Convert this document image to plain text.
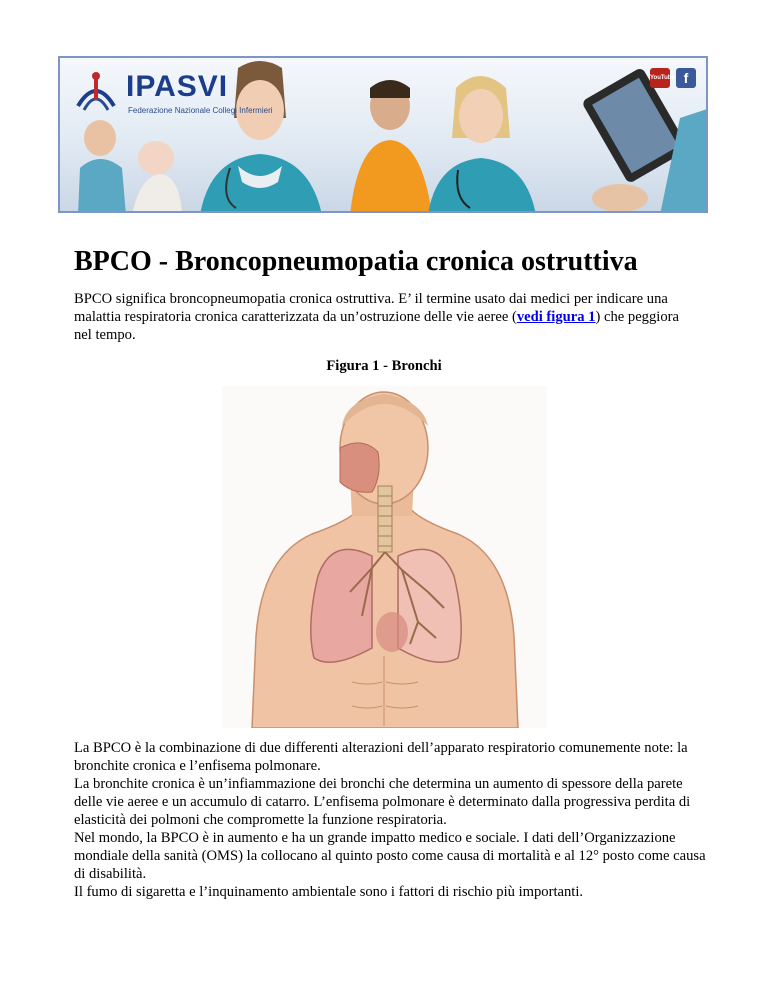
IPASVI
Federazione Nazionale Collegi Infermieri
YouTube f
BPCO - Broncopneumopatia cronica ostruttiva

BPCO significa broncopneumopatia cronica ostruttiva. E’ il termine usato dai medici per indicare una malattia respiratoria cronica caratterizzata da un’ostruzione delle vie aeree (vedi figura 1) che peggiora nel tempo.

Figura 1 - Bronchi
La BPCO è la combinazione di due differenti alterazioni dell’apparato respiratorio comunemente note: la bronchite cronica e l’enfisema polmonare.
La bronchite cronica è un’infiammazione dei bronchi che determina un aumento di spessore della parete delle vie aeree e un accumulo di catarro. L’enfisema polmonare è determinato dalla progressiva perdita di elasticità dei polmoni che compromette la funzione respiratoria.
Nel mondo, la BPCO è in aumento e ha un grande impatto medico e sociale. I dati dell’Organizzazione mondiale della sanità (OMS) la collocano al quinto posto come causa di mortalità e al 12° posto come causa di disabilità.
Il fumo di sigaretta e l’inquinamento ambientale sono i fattori di rischio più importanti.
